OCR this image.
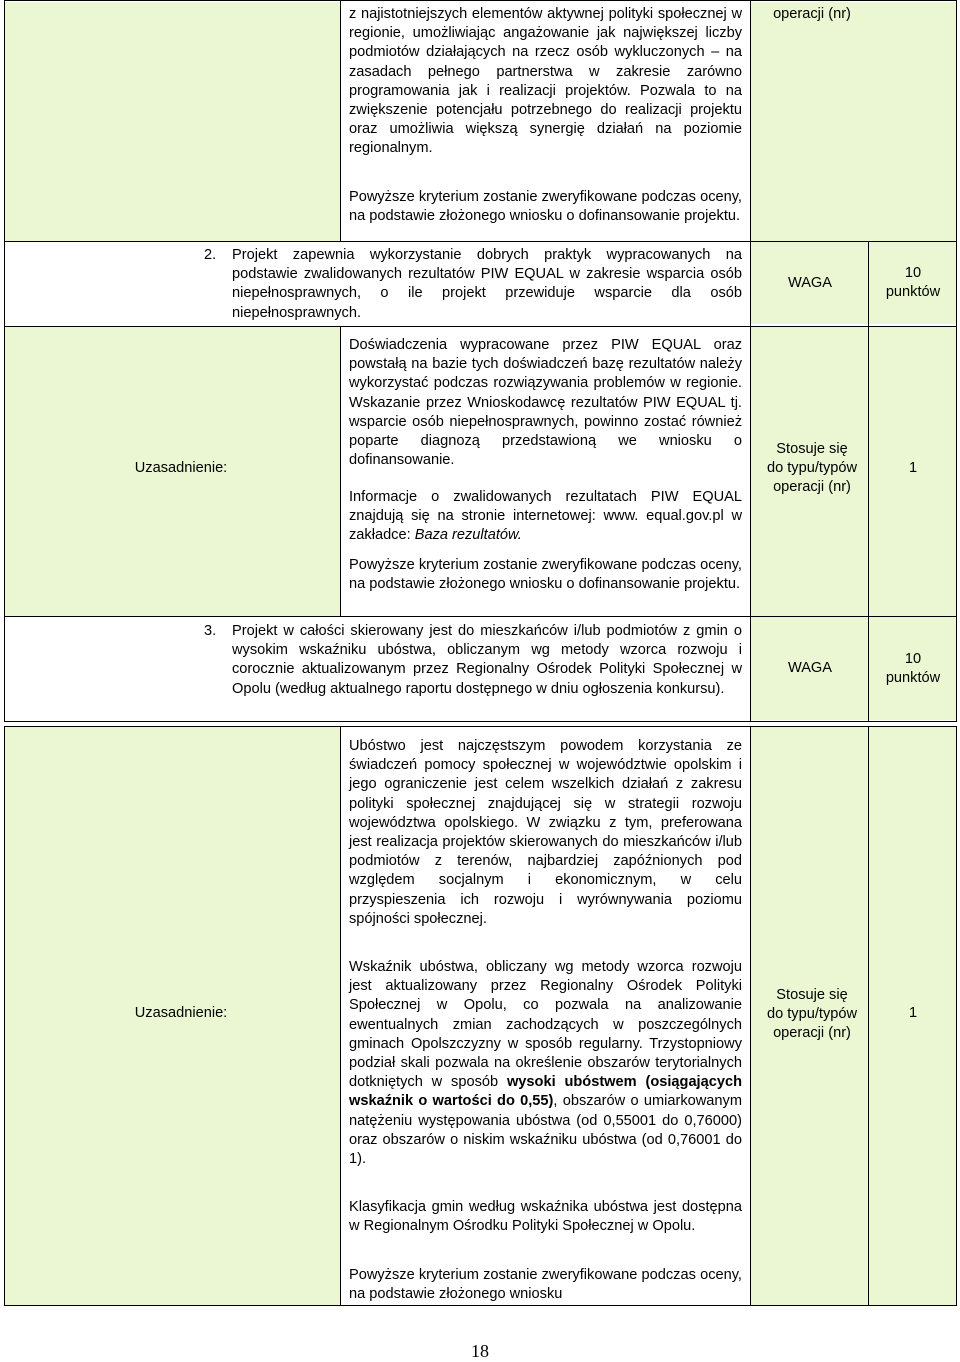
z najistotniejszych elementów aktywnej polityki społecznej w regionie, umożliwiając angażowanie jak największej liczby podmiotów działających na rzecz osób wykluczonych – na zasadach pełnego partnerstwa w zakresie zarówno programowania jak i realizacji projektów. Pozwala to na zwiększenie potencjału potrzebnego do realizacji projektu oraz umożliwia większą synergię działań na poziomie regionalnym.

Powyższe kryterium zostanie zweryfikowane podczas oceny, na podstawie złożonego wniosku o dofinansowanie projektu.

operacji (nr)
2. Projekt zapewnia wykorzystanie dobrych praktyk wypracowanych na podstawie zwalidowanych rezultatów PIW EQUAL w zakresie wsparcia osób niepełnosprawnych, o ile projekt przewiduje wsparcie dla osób niepełnosprawnych.

WAGA
10
punktów
Uzasadnienie:

Doświadczenia wypracowane przez PIW EQUAL oraz powstałą na bazie tych doświadczeń bazę rezultatów należy wykorzystać podczas rozwiązywania problemów w regionie. Wskazanie przez Wnioskodawcę rezultatów PIW EQUAL tj. wsparcie osób niepełnosprawnych, powinno zostać również poparte diagnozą przedstawioną we wniosku o dofinansowanie.

Informacje o zwalidowanych rezultatach PIW EQUAL znajdują się na stronie internetowej: www. equal.gov.pl w zakładce: Baza rezultatów.

Powyższe kryterium zostanie zweryfikowane podczas oceny, na podstawie złożonego wniosku o dofinansowanie projektu.

Stosuje się
do typu/typów
operacji (nr)
1
3. Projekt w całości skierowany jest do mieszkańców i/lub podmiotów z gmin o wysokim wskaźniku ubóstwa, obliczanym wg metody wzorca rozwoju i corocznie aktualizowanym przez Regionalny Ośrodek Polityki Społecznej w Opolu (według aktualnego raportu dostępnego w dniu ogłoszenia konkursu).

WAGA
10
punktów
Uzasadnienie:

Ubóstwo jest najczęstszym powodem korzystania ze świadczeń pomocy społecznej w województwie opolskim i jego ograniczenie jest celem wszelkich działań z zakresu polityki społecznej znajdującej się w strategii rozwoju województwa opolskiego. W związku z tym, preferowana jest realizacja projektów skierowanych do mieszkańców i/lub podmiotów z terenów, najbardziej zapóźnionych pod względem socjalnym i ekonomicznym, w celu przyspieszenia ich rozwoju i wyrównywania poziomu spójności społecznej.

Wskaźnik ubóstwa, obliczany wg metody wzorca rozwoju jest aktualizowany przez Regionalny Ośrodek Polityki Społecznej w Opolu, co pozwala na analizowanie ewentualnych zmian zachodzących w poszczególnych gminach Opolszczyzny w sposób regularny. Trzystopniowy podział skali pozwala na określenie obszarów terytorialnych dotkniętych w sposób wysoki ubóstwem (osiągających wskaźnik o wartości do 0,55), obszarów o umiarkowanym natężeniu występowania ubóstwa (od 0,55001 do 0,76000) oraz obszarów o niskim wskaźniku ubóstwa (od 0,76001 do 1).

Klasyfikacja gmin według wskaźnika ubóstwa jest dostępna w Regionalnym Ośrodku Polityki Społecznej w Opolu.

Powyższe kryterium zostanie zweryfikowane podczas oceny, na podstawie złożonego wniosku

Stosuje się
do typu/typów
operacji (nr)
1
18
